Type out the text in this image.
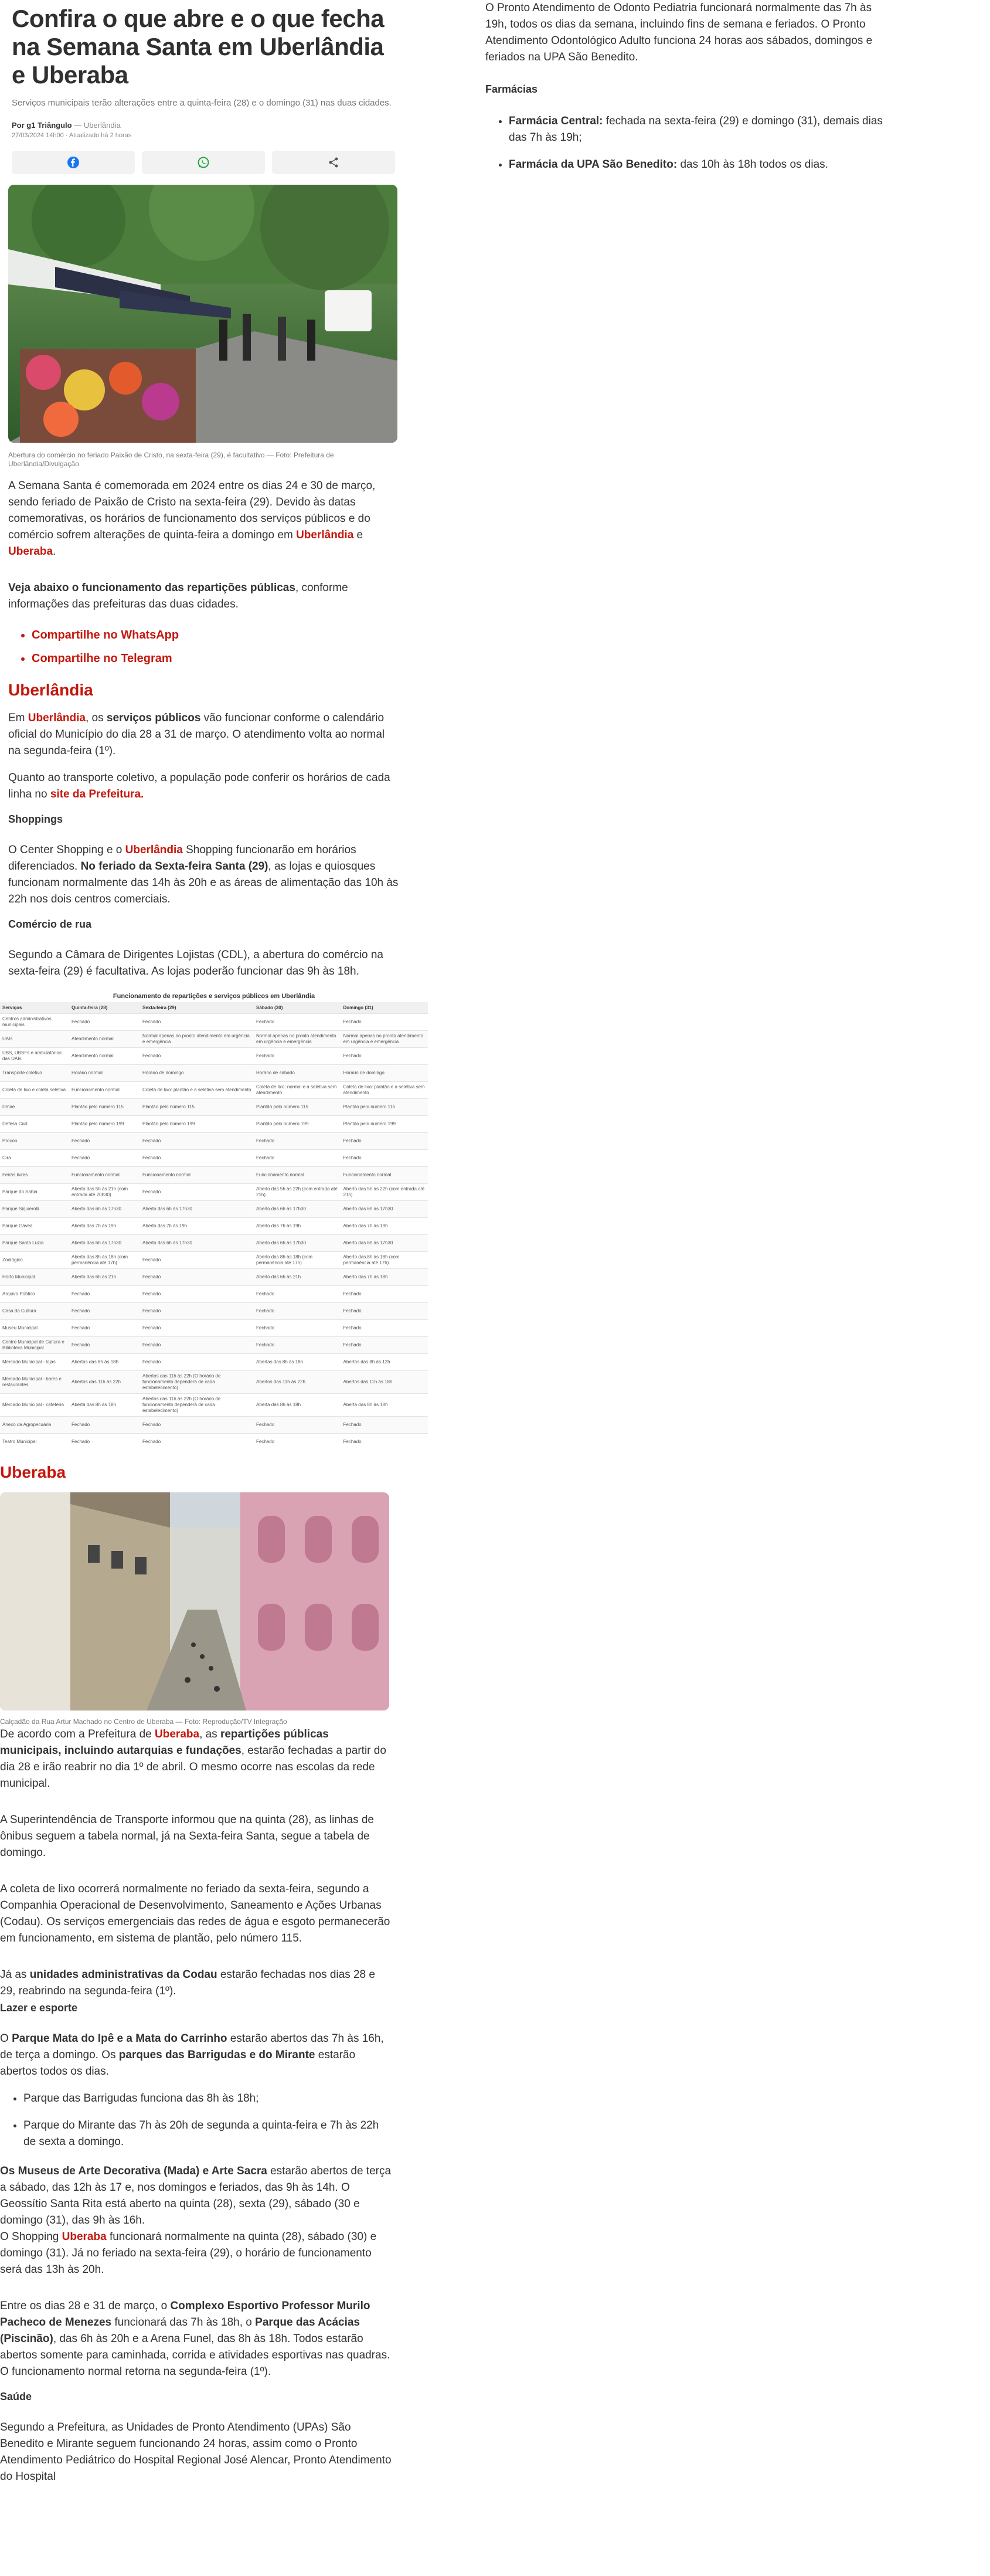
Confira o que abre e o que fecha na Semana Santa em Uberlândia e Uberaba
Serviços municipais terão alterações entre a quinta-feira (28) e o domingo (31) nas duas cidades.
Por g1 Triângulo — Uberlândia
27/03/2024 14h00 · Atualizado há 2 horas
Abertura do comércio no feriado Paixão de Cristo, na sexta-feira (29), é facultativo — Foto: Prefeitura de Uberlândia/Divulgação

A Semana Santa é comemorada em 2024 entre os dias 24 e 30 de março, sendo feriado de Paixão de Cristo na sexta-feira (29). Devido às datas comemorativas, os horários de funcionamento dos serviços públicos e do comércio sofrem alterações de quinta-feira a domingo em Uberlândia e Uberaba.

Veja abaixo o funcionamento das repartições públicas, conforme informações das prefeituras das duas cidades.

• Compartilhe no WhatsApp
• Compartilhe no Telegram
Uberlândia

Em Uberlândia, os serviços públicos vão funcionar conforme o calendário oficial do Município do dia 28 a 31 de março. O atendimento volta ao normal na segunda-feira (1º).

Quanto ao transporte coletivo, a população pode conferir os horários de cada linha no site da Prefeitura.

Shoppings

O Center Shopping e o Uberlândia Shopping funcionarão em horários diferenciados. No feriado da Sexta-feira Santa (29), as lojas e quiosques funcionam normalmente das 14h às 20h e as áreas de alimentação das 10h às 22h nos dois centros comerciais.

Comércio de rua

Segundo a Câmara de Dirigentes Lojistas (CDL), a abertura do comércio na sexta-feira (29) é facultativa. As lojas poderão funcionar das 9h às 18h.

Funcionamento de repartições e serviços públicos em Uberlândia
Serviços	Quinta-feira (28)	Sexta-feira (29)	Sábado (30)	Domingo (31)
Centros administrativos municipais	Fechado	Fechado	Fechado	Fechado
UAIs	Atendimento normal	Normal apenas no pronto atendimento em urgência e emergência	Normal apenas no pronto atendimento em urgência e emergência	Normal apenas no pronto atendimento em urgência e emergência
UBS, UBSFs e ambulatórios das UAIs	Atendimento normal	Fechado	Fechado	Fechado
Transporte coletivo	Horário normal	Horário de domingo	Horário de sábado	Horário de domingo
Coleta de lixo e coleta seletiva	Funcionamento normal	Coleta de lixo: plantão e a seletiva sem atendimento	Coleta de lixo: normal e a seletiva sem atendimento	Coleta de lixo: plantão e a seletiva sem atendimento
Dmae	Plantão pelo número 115	Plantão pelo número 115	Plantão pelo número 115	Plantão pelo número 115
Defesa Civil	Plantão pelo número 199	Plantão pelo número 199	Plantão pelo número 199	Plantão pelo número 199
Procon	Fechado	Fechado	Fechado	Fechado
Cirа	Fechado	Fechado	Fechado	Fechado
Feiras livres	Funcionamento normal	Funcionamento normal	Funcionamento normal	Funcionamento normal
Parque do Sabiá	Aberto das 5h às 21h (com entrada até 20h30)	Fechado	Aberto das 5h às 22h (com entrada até 21h)	Aberto das 5h às 22h (com entrada até 21h)
Parque Siquierolli	Aberto das 6h às 17h30	Aberto das 6h às 17h30	Aberto das 6h às 17h30	Aberto das 6h às 17h30
Parque Gávea	Aberto das 7h às 19h	Aberto das 7h às 19h	Aberto das 7h às 19h	Aberto das 7h às 19h
Parque Santa Luzia	Aberto das 6h às 17h30	Aberto das 6h às 17h30	Aberto das 6h às 17h30	Aberto das 6h às 17h30
Zoológico	Aberto das 8h às 18h (com permanência até 17h)	Fechado	Aberto das 8h às 18h (com permanência até 17h)	Aberto das 8h às 18h (com permanência até 17h)
Horto Municipal	Aberto das 6h às 21h	Fechado	Aberto das 6h às 21h	Aberto das 7h às 18h
Arquivo Público	Fechado	Fechado	Fechado	Fechado
Casa da Cultura	Fechado	Fechado	Fechado	Fechado
Museu Municipal	Fechado	Fechado	Fechado	Fechado
Centro Municipal de Cultura e Biblioteca Municipal	Fechado	Fechado	Fechado	Fechado
Mercado Municipal - lojas	Abertas das 8h às 18h	Fechado	Abertas das 8h às 18h	Abertas das 8h às 12h
Mercado Municipal - bares e restaurantes	Abertos das 11h às 22h	Abertos das 11h às 22h (O horário de funcionamento dependerá de cada estabelecimento)	Abertos das 11h às 22h	Abertos das 11h às 18h
Mercado Municipal - cafeteria	Aberta das 8h às 18h	Abertos das 11h às 22h (O horário de funcionamento dependerá de cada estabelecimento)	Aberta das 8h às 18h	Aberta das 8h às 18h
Anexo da Agropecuária	Fechado	Fechado	Fechado	Fechado
Teatro Municipal	Fechado	Fechado	Fechado	Fechado
Uberaba
Calçadão da Rua Artur Machado no Centro de Uberaba — Foto: Reprodução/TV Integração

De acordo com a Prefeitura de Uberaba, as repartições públicas municipais, incluindo autarquias e fundações, estarão fechadas a partir do dia 28 e irão reabrir no dia 1º de abril. O mesmo ocorre nas escolas da rede municipal.

A Superintendência de Transporte informou que na quinta (28), as linhas de ônibus seguem a tabela normal, já na Sexta-feira Santa, segue a tabela de domingo.

A coleta de lixo ocorrerá normalmente no feriado da sexta-feira, segundo a Companhia Operacional de Desenvolvimento, Saneamento e Ações Urbanas (Codau). Os serviços emergenciais das redes de água e esgoto permanecerão em funcionamento, em sistema de plantão, pelo número 115.

Já as unidades administrativas da Codau estarão fechadas nos dias 28 e 29, reabrindo na segunda-feira (1º).

Lazer e esporte

O Parque Mata do Ipê e a Mata do Carrinho estarão abertos das 7h às 16h, de terça a domingo. Os parques das Barrigudas e do Mirante estarão abertos todos os dias.

• Parque das Barrigudas funciona das 8h às 18h;
• Parque do Mirante das 7h às 20h de segunda a quinta-feira e 7h às 22h de sexta a domingo.

Os Museus de Arte Decorativa (Mada) e Arte Sacra estarão abertos de terça a sábado, das 12h às 17 e, nos domingos e feriados, das 9h às 14h. O Geossítio Santa Rita está aberto na quinta (28), sexta (29), sábado (30 e domingo (31), das 9h às 16h.

O Shopping Uberaba funcionará normalmente na quinta (28), sábado (30) e domingo (31). Já no feriado na sexta-feira (29), o horário de funcionamento será das 13h às 20h.

Entre os dias 28 e 31 de março, o Complexo Esportivo Professor Murilo Pacheco de Menezes funcionará das 7h às 18h, o Parque das Acácias (Piscinão), das 6h às 20h e a Arena Funel, das 8h às 18h. Todos estarão abertos somente para caminhada, corrida e atividades esportivas nas quadras. O funcionamento normal retorna na segunda-feira (1º).

Saúde

Segundo a Prefeitura, as Unidades de Pronto Atendimento (UPAs) São Benedito e Mirante seguem funcionando 24 horas, assim como o Pronto Atendimento Pediátrico do Hospital Regional José Alencar, Pronto Atendimento do Hospital

O Pronto Atendimento de Odonto Pediatria funcionará normalmente das 7h às 19h, todos os dias da semana, incluindo fins de semana e feriados. O Pronto Atendimento Odontológico Adulto funciona 24 horas aos sábados, domingos e feriados na UPA São Benedito.

Farmácias
• Farmácia Central: fechada na sexta-feira (29) e domingo (31), demais dias das 7h às 19h;
• Farmácia da UPA São Benedito: das 10h às 18h todos os dias.
